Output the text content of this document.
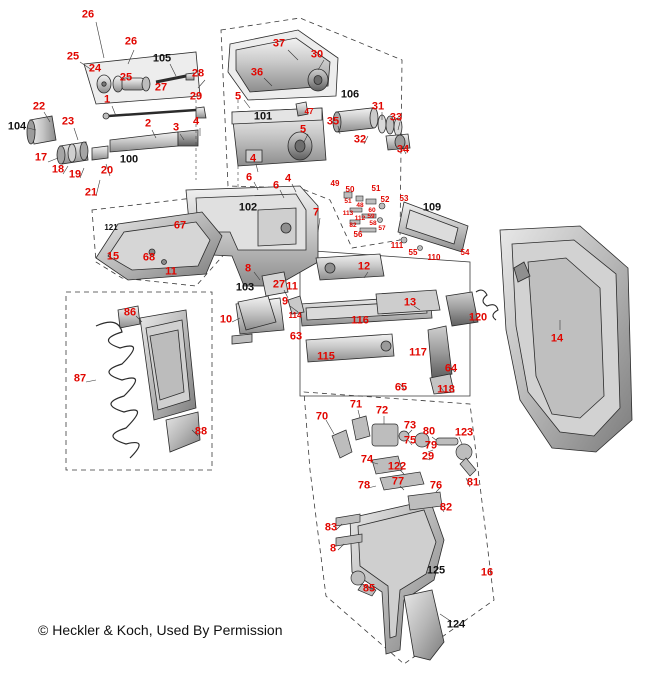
26
26
25	105
37
30
24
25	28	36
27
29	106
1
22
5
31
47
101	33
104	23	2 3 4
5
35
32
17	100
34
18 19 20
4
21
6
6
4	49
50 51
52 53
109
102
51
48
60
59
113
112
58
121	67
7
82	57
56
111
54
55
110
15 68
11	8	12
14
103 27 11
9	13
10	114	116	120
86
63
115	117
87
64
65	118
88
70
71 72
73 80 123
75 79
74
122
29
78 77 76 81
82
83
8
125	16
85
124
© Heckler & Koch, Used By Permission
